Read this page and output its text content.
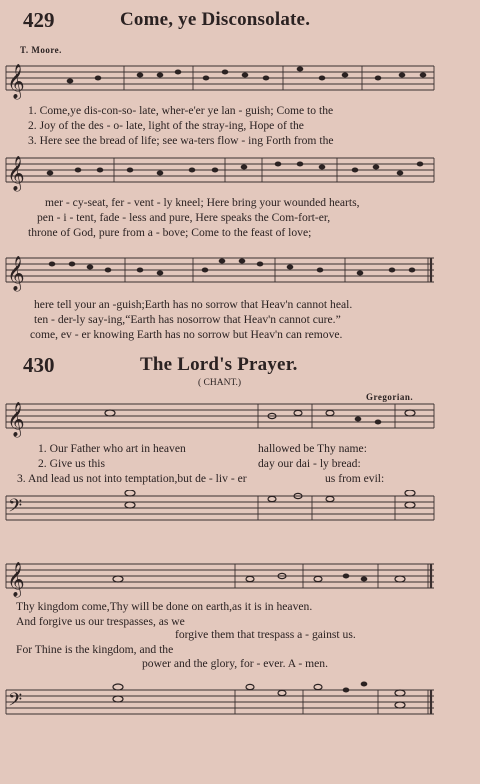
429	Come, ye Disconsolate.
T. Moore.
𝄞
1. Come,ye dis-con-so- late, wher-e'er ye lan - guish; Come to the
2. Joy of the des - o- late, light of the stray-ing, Hope of the
3. Here see the bread of life; see wa-ters flow - ing Forth from the
𝄞
mer - cy-seat, fer - vent - ly kneel; Here bring your wounded hearts,
pen - i - tent, fade - less and pure, Here speaks the Com-fort-er,
throne of God, pure from a - bove; Come to the feast of love;
𝄞
here tell your an -guish;Earth has no sorrow that Heav'n cannot heal.
ten - der-ly say-ing,“Earth has nosorrow that Heav'n cannot cure.”
come, ev - er knowing Earth has no sorrow but Heav'n can remove.
430	The Lord's Prayer.
( CHANT.)
Gregorian.
𝄞
1. Our Father who art in heaven
2. Give us this
3. And lead us not into temptation,but de - liv - er
hallowed be Thy name:
day our dai - ly bread:
us from evil:
𝄢
𝄞
Thy kingdom come,Thy will be done on earth,as it is in heaven.
And forgive us our trespasses, as we
forgive them that trespass a - gainst us.
For Thine is the kingdom, and the
power and the glory, for - ever. A - men.
𝄢
